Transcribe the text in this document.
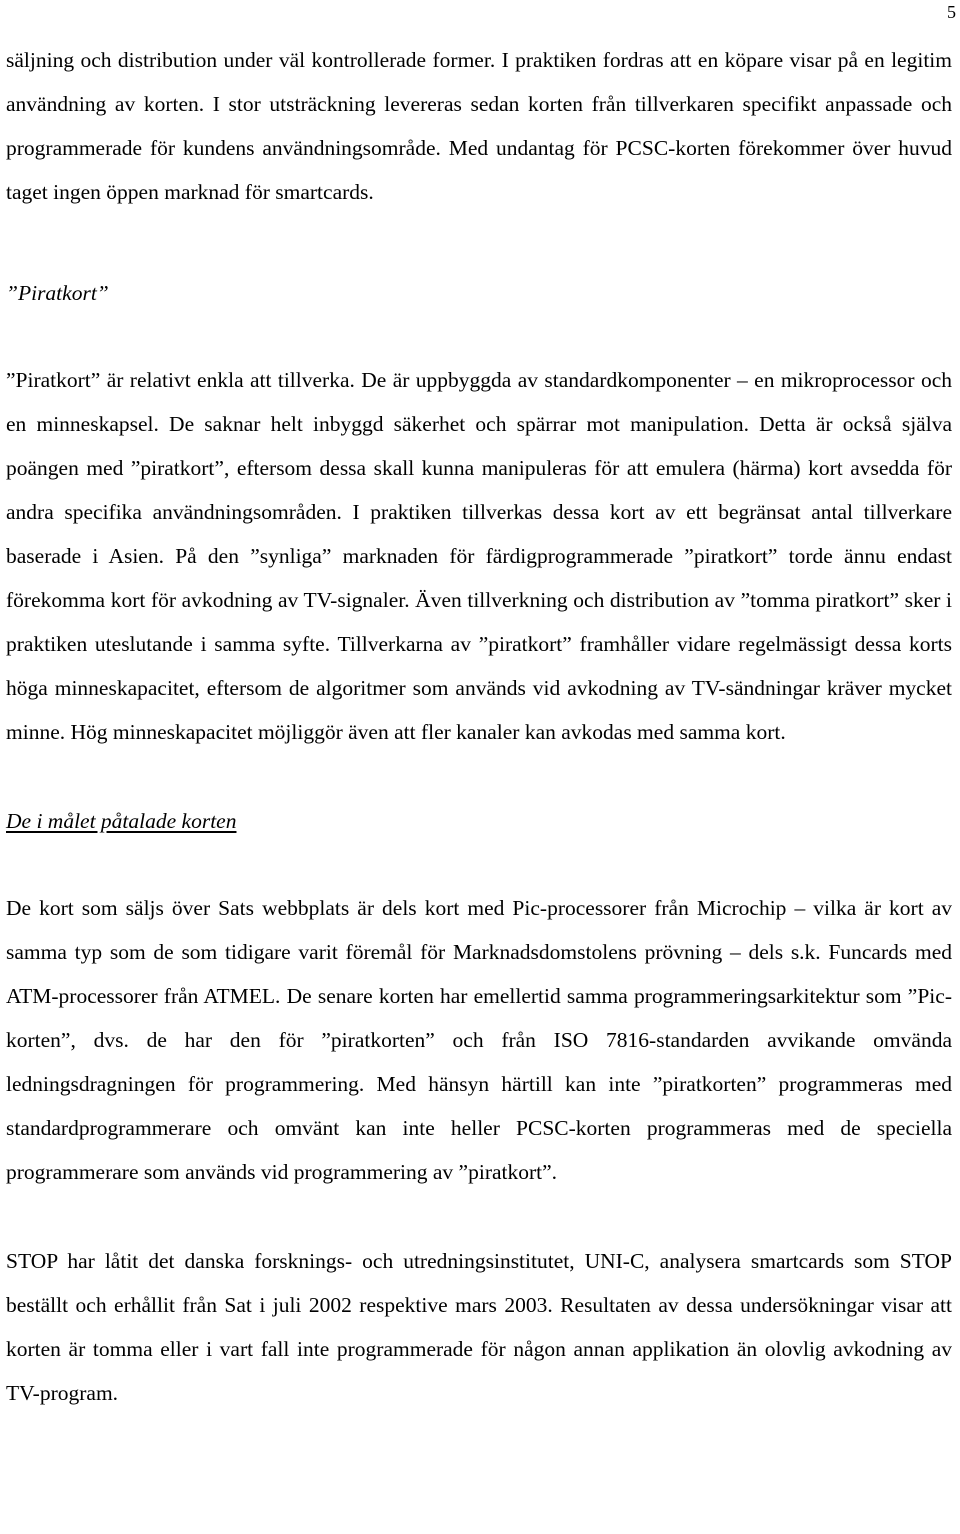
5

säljning och distribution under väl kontrollerade former. I praktiken fordras att en köpare visar på en legitim användning av korten. I stor utsträckning levereras sedan korten från tillverkaren specifikt anpassade och programmerade för kundens användningsområde. Med undantag för PCSC-korten förekommer över huvud taget ingen öppen marknad för smartcards.

”Piratkort”

”Piratkort” är relativt enkla att tillverka. De är uppbyggda av standardkomponenter – en mikroprocessor och en minneskapsel. De saknar helt inbyggd säkerhet och spärrar mot manipulation. Detta är också själva poängen med ”piratkort”, eftersom dessa skall kunna manipuleras för att emulera (härma) kort avsedda för andra specifika användningsområden. I praktiken tillverkas dessa kort av ett begränsat antal tillverkare baserade i Asien. På den ”synliga” marknaden för färdigprogrammerade ”piratkort” torde ännu endast förekomma kort för avkodning av TV-signaler. Även tillverkning och distribution av ”tomma piratkort” sker i praktiken uteslutande i samma syfte. Tillverkarna av ”piratkort” framhåller vidare regelmässigt dessa korts höga minneskapacitet, eftersom de algoritmer som används vid avkodning av TV-sändningar kräver mycket minne. Hög minneskapacitet möjliggör även att fler kanaler kan avkodas med samma kort.

De i målet påtalade korten

De kort som säljs över Sats webbplats är dels kort med Pic-processorer från Microchip – vilka är kort av samma typ som de som tidigare varit föremål för Marknadsdomstolens prövning – dels s.k. Funcards med ATM-processorer från ATMEL. De senare korten har emellertid samma programmeringsarkitektur som ”Pic-korten”, dvs. de har den för ”piratkorten” och från ISO 7816-standarden avvikande omvända ledningsdragningen för programmering. Med hänsyn härtill kan inte ”piratkorten” programmeras med standardprogrammerare och omvänt kan inte heller PCSC-korten programmeras med de speciella programmerare som används vid programmering av ”piratkort”.

STOP har låtit det danska forsknings- och utredningsinstitutet, UNI-C, analysera smartcards som STOP beställt och erhållit från Sat i juli 2002 respektive mars 2003. Resultaten av dessa undersökningar visar att korten är tomma eller i vart fall inte programmerade för någon annan applikation än olovlig avkodning av TV-program.
